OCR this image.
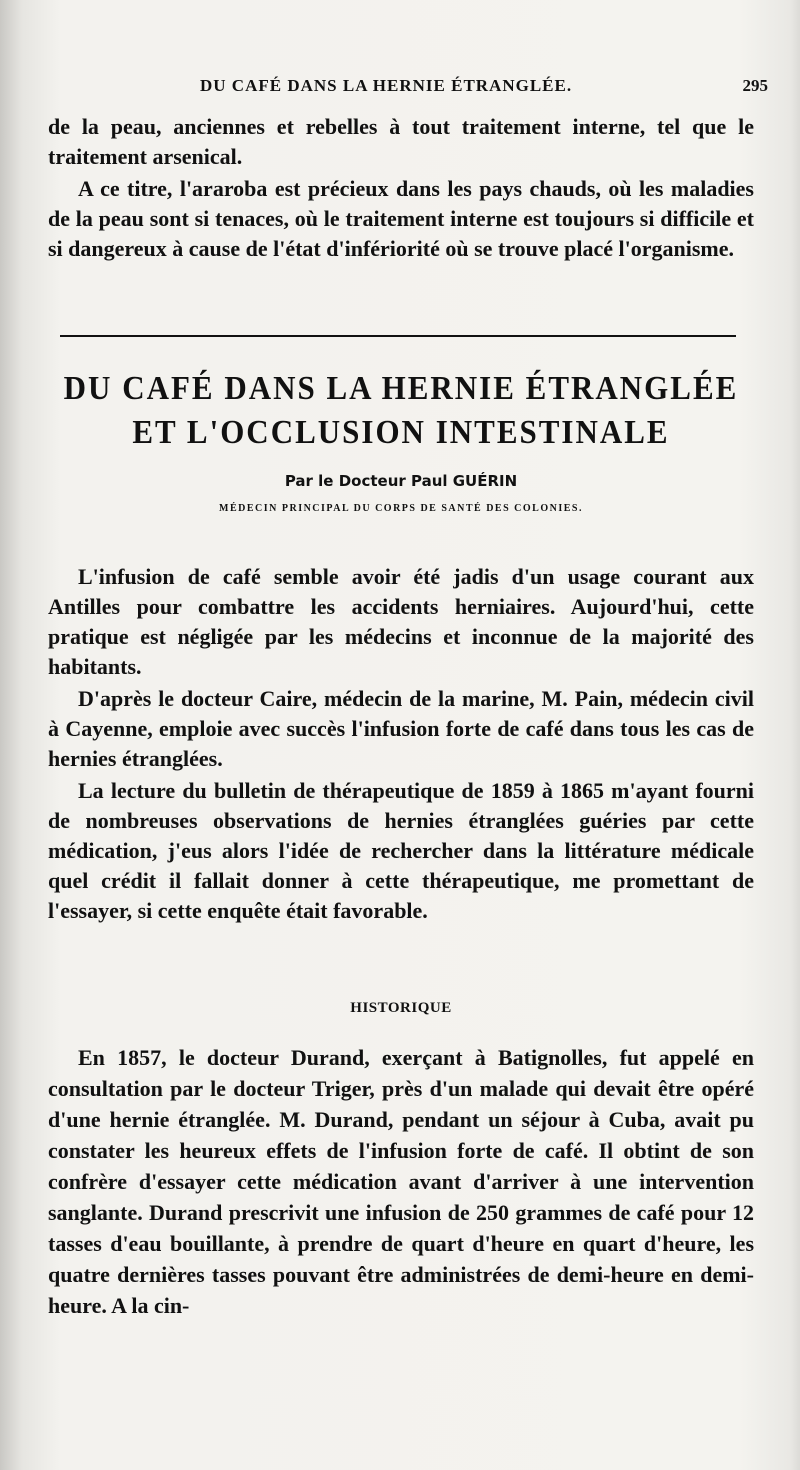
DU CAFÉ DANS LA HERNIE ÉTRANGLÉE.	295

de la peau, anciennes et rebelles à tout traitement interne, tel que le traitement arsenical.

A ce titre, l'araroba est précieux dans les pays chauds, où les maladies de la peau sont si tenaces, où le traitement interne est toujours si difficile et si dangereux à cause de l'état d'infériorité où se trouve placé l'organisme.

DU CAFÉ DANS LA HERNIE ÉTRANGLÉE
ET L'OCCLUSION INTESTINALE
Par le Docteur Paul GUÉRIN
MÉDECIN PRINCIPAL DU CORPS DE SANTÉ DES COLONIES.

L'infusion de café semble avoir été jadis d'un usage courant aux Antilles pour combattre les accidents herniaires. Aujourd'hui, cette pratique est négligée par les médecins et inconnue de la majorité des habitants.

D'après le docteur Caire, médecin de la marine, M. Pain, médecin civil à Cayenne, emploie avec succès l'infusion forte de café dans tous les cas de hernies étranglées.

La lecture du bulletin de thérapeutique de 1859 à 1865 m'ayant fourni de nombreuses observations de hernies étranglées guéries par cette médication, j'eus alors l'idée de rechercher dans la littérature médicale quel crédit il fallait donner à cette thérapeutique, me promettant de l'essayer, si cette enquête était favorable.

HISTORIQUE

En 1857, le docteur Durand, exerçant à Batignolles, fut appelé en consultation par le docteur Triger, près d'un malade qui devait être opéré d'une hernie étranglée. M. Durand, pendant un séjour à Cuba, avait pu constater les heureux effets de l'infusion forte de café. Il obtint de son confrère d'essayer cette médication avant d'arriver à une intervention sanglante. Durand prescrivit une infusion de 250 grammes de café pour 12 tasses d'eau bouillante, à prendre de quart d'heure en quart d'heure, les quatre dernières tasses pouvant être administrées de demi-heure en demi-heure. A la cin-
